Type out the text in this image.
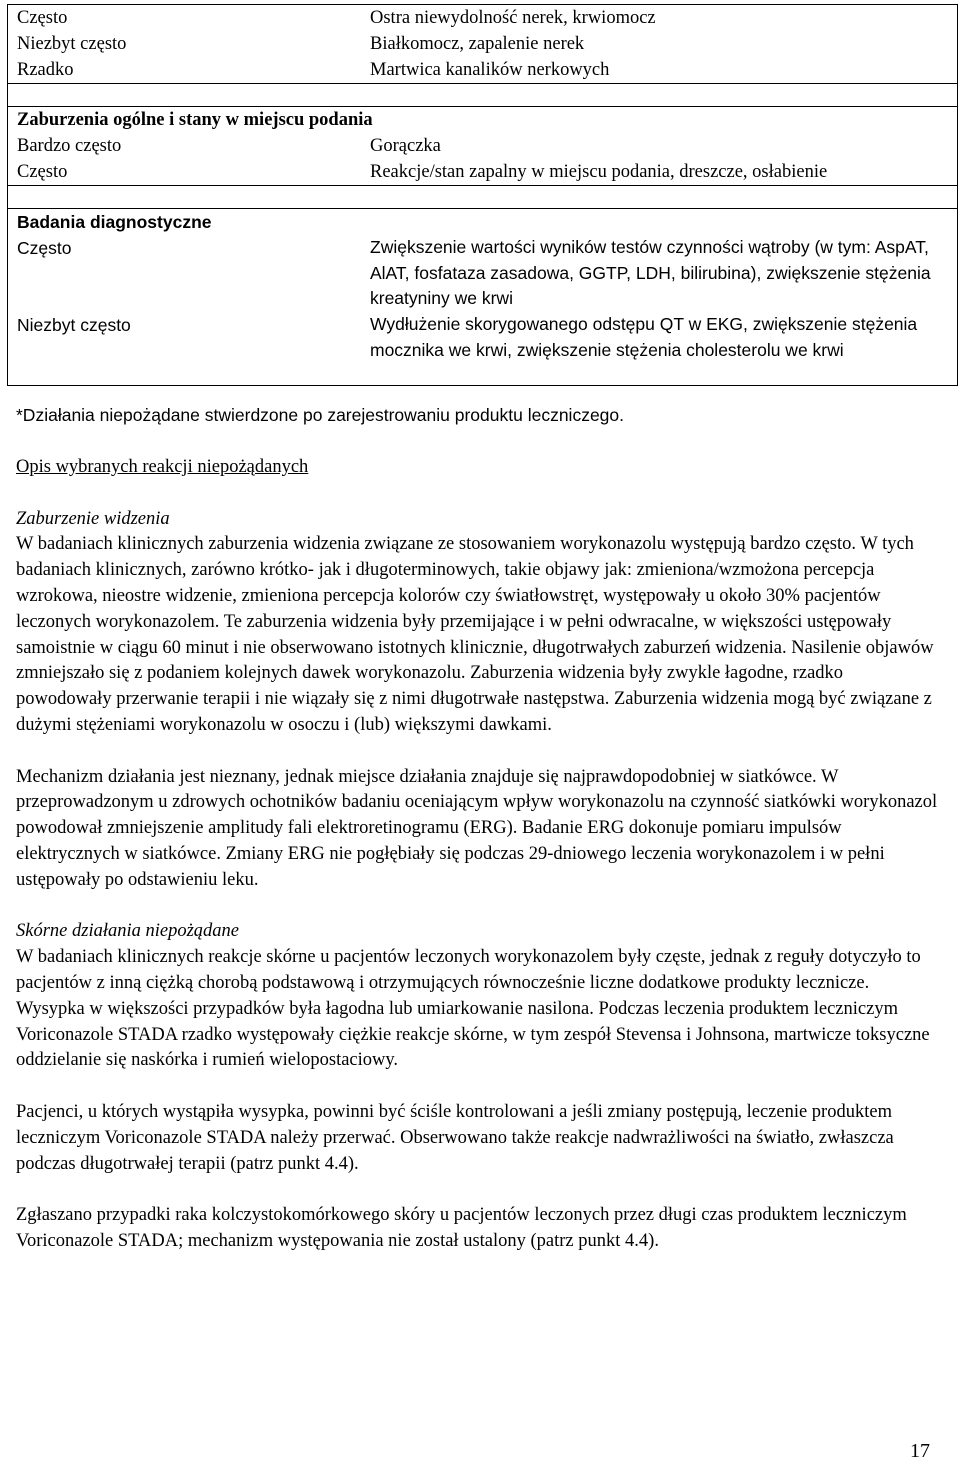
Często	Ostra niewydolność nerek, krwiomocz
Niezbyt często	Białkomocz, zapalenie nerek
Rzadko	Martwica kanalików nerkowych
Zaburzenia ogólne i stany w miejscu podania
Bardzo często	Gorączka
Często	Reakcje/stan zapalny w miejscu podania, dreszcze, osłabienie
Badania diagnostyczne
Często	Zwiększenie wartości wyników testów czynności wątroby (w tym: AspAT, AlAT, fosfataza zasadowa, GGTP, LDH, bilirubina), zwiększenie stężenia kreatyniny we krwi
Niezbyt często	Wydłużenie skorygowanego odstępu QT w EKG, zwiększenie stężenia mocznika we krwi, zwiększenie stężenia cholesterolu we krwi
*Działania niepożądane stwierdzone po zarejestrowaniu produktu leczniczego.

Opis wybranych reakcji niepożądanych

Zaburzenie widzenia

W badaniach klinicznych zaburzenia widzenia związane ze stosowaniem worykonazolu występują bardzo często. W tych badaniach klinicznych, zarówno krótko- jak i długoterminowych, takie objawy jak: zmieniona/wzmożona percepcja wzrokowa, nieostre widzenie, zmieniona percepcja kolorów czy światłowstręt, występowały u około 30% pacjentów leczonych worykonazolem. Te zaburzenia widzenia były przemijające i w pełni odwracalne, w większości ustępowały samoistnie w ciągu 60 minut i nie obserwowano istotnych klinicznie, długotrwałych zaburzeń widzenia. Nasilenie objawów zmniejszało się z podaniem kolejnych dawek worykonazolu. Zaburzenia widzenia były zwykle łagodne, rzadko powodowały przerwanie terapii i nie wiązały się z nimi długotrwałe następstwa. Zaburzenia widzenia mogą być związane z dużymi stężeniami worykonazolu w osoczu i (lub) większymi dawkami.

Mechanizm działania jest nieznany, jednak miejsce działania znajduje się najprawdopodobniej w siatkówce. W przeprowadzonym u zdrowych ochotników badaniu oceniającym wpływ worykonazolu na czynność siatkówki worykonazol powodował zmniejszenie amplitudy fali elektroretinogramu (ERG). Badanie ERG dokonuje pomiaru impulsów elektrycznych w siatkówce. Zmiany ERG nie pogłębiały się podczas 29-dniowego leczenia worykonazolem i w pełni ustępowały po odstawieniu leku.

Skórne działania niepożądane

W badaniach klinicznych reakcje skórne u pacjentów leczonych worykonazolem były częste, jednak z reguły dotyczyło to pacjentów z inną ciężką chorobą podstawową i otrzymujących równocześnie liczne dodatkowe produkty lecznicze. Wysypka w większości przypadków była łagodna lub umiarkowanie nasilona. Podczas leczenia produktem leczniczym Voriconazole STADA rzadko występowały ciężkie reakcje skórne, w tym zespół Stevensa i Johnsona, martwicze toksyczne oddzielanie się naskórka i rumień wielopostaciowy.

Pacjenci, u których wystąpiła wysypka, powinni być ściśle kontrolowani a jeśli zmiany postępują, leczenie produktem leczniczym Voriconazole STADA należy przerwać. Obserwowano także reakcje nadwrażliwości na światło, zwłaszcza podczas długotrwałej terapii (patrz punkt 4.4).

Zgłaszano przypadki raka kolczystokomórkowego skóry u pacjentów leczonych przez długi czas produktem leczniczym Voriconazole STADA; mechanizm występowania nie został ustalony (patrz punkt 4.4).

17
